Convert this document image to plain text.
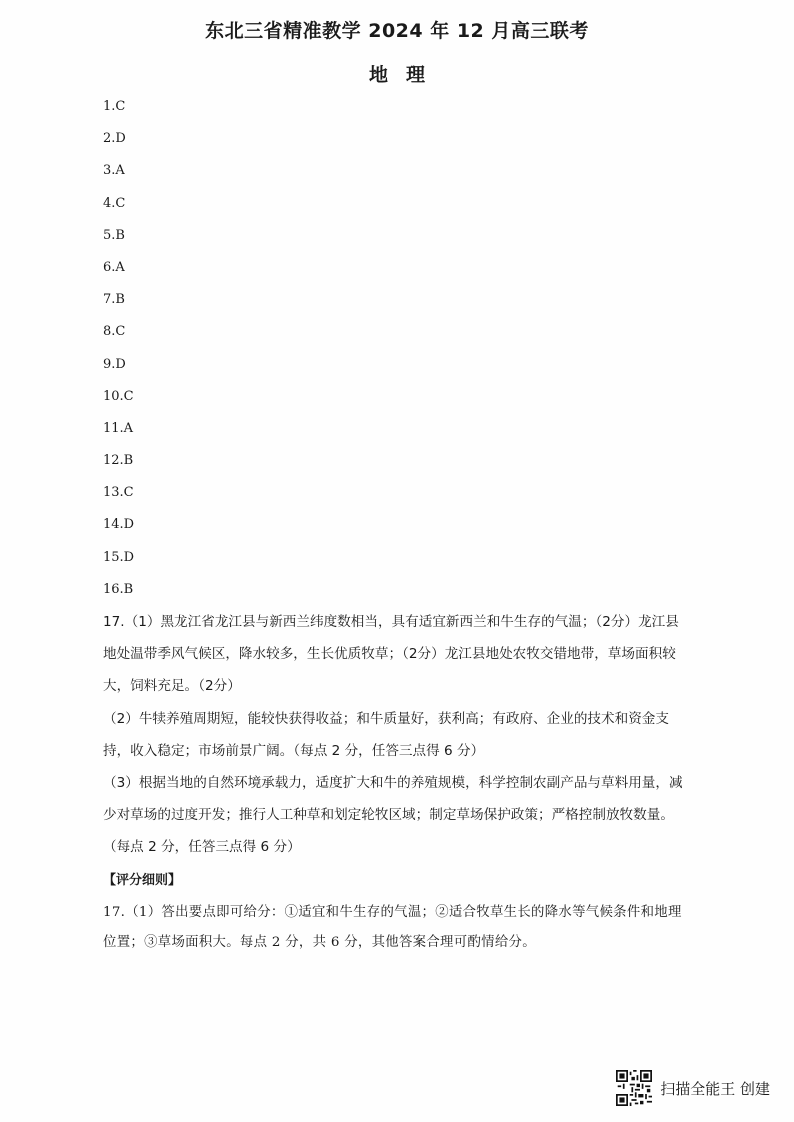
东北三省精准教学 2024 年 12 月高三联考
地理
1.C
2.D
3.A
4.C
5.B
6.A
7.B
8.C
9.D
10.C
11.A
12.B
13.C
14.D
15.D
16.B

17.（1）黑龙江省龙江县与新西兰纬度数相当，具有适宜新西兰和牛生存的气温；（2分）龙江县地处温带季风气候区，降水较多，生长优质牧草；（2分）龙江县地处农牧交错地带，草场面积较大，饲料充足。（2分）

（2）牛犊养殖周期短，能较快获得收益；和牛质量好，获利高；有政府、企业的技术和资金支持，收入稳定；市场前景广阔。（每点 2 分，任答三点得 6 分）

（3）根据当地的自然环境承载力，适度扩大和牛的养殖规模，科学控制农副产品与草料用量，减少对草场的过度开发；推行人工种草和划定轮牧区域；制定草场保护政策；严格控制放牧数量。（每点 2 分，任答三点得 6 分）

【评分细则】

17.（1）答出要点即可给分：①适宜和牛生存的气温；②适合牧草生长的降水等气候条件和地理位置；③草场面积大。每点 2 分，共 6 分，其他答案合理可酌情给分。

扫描全能王 创建
